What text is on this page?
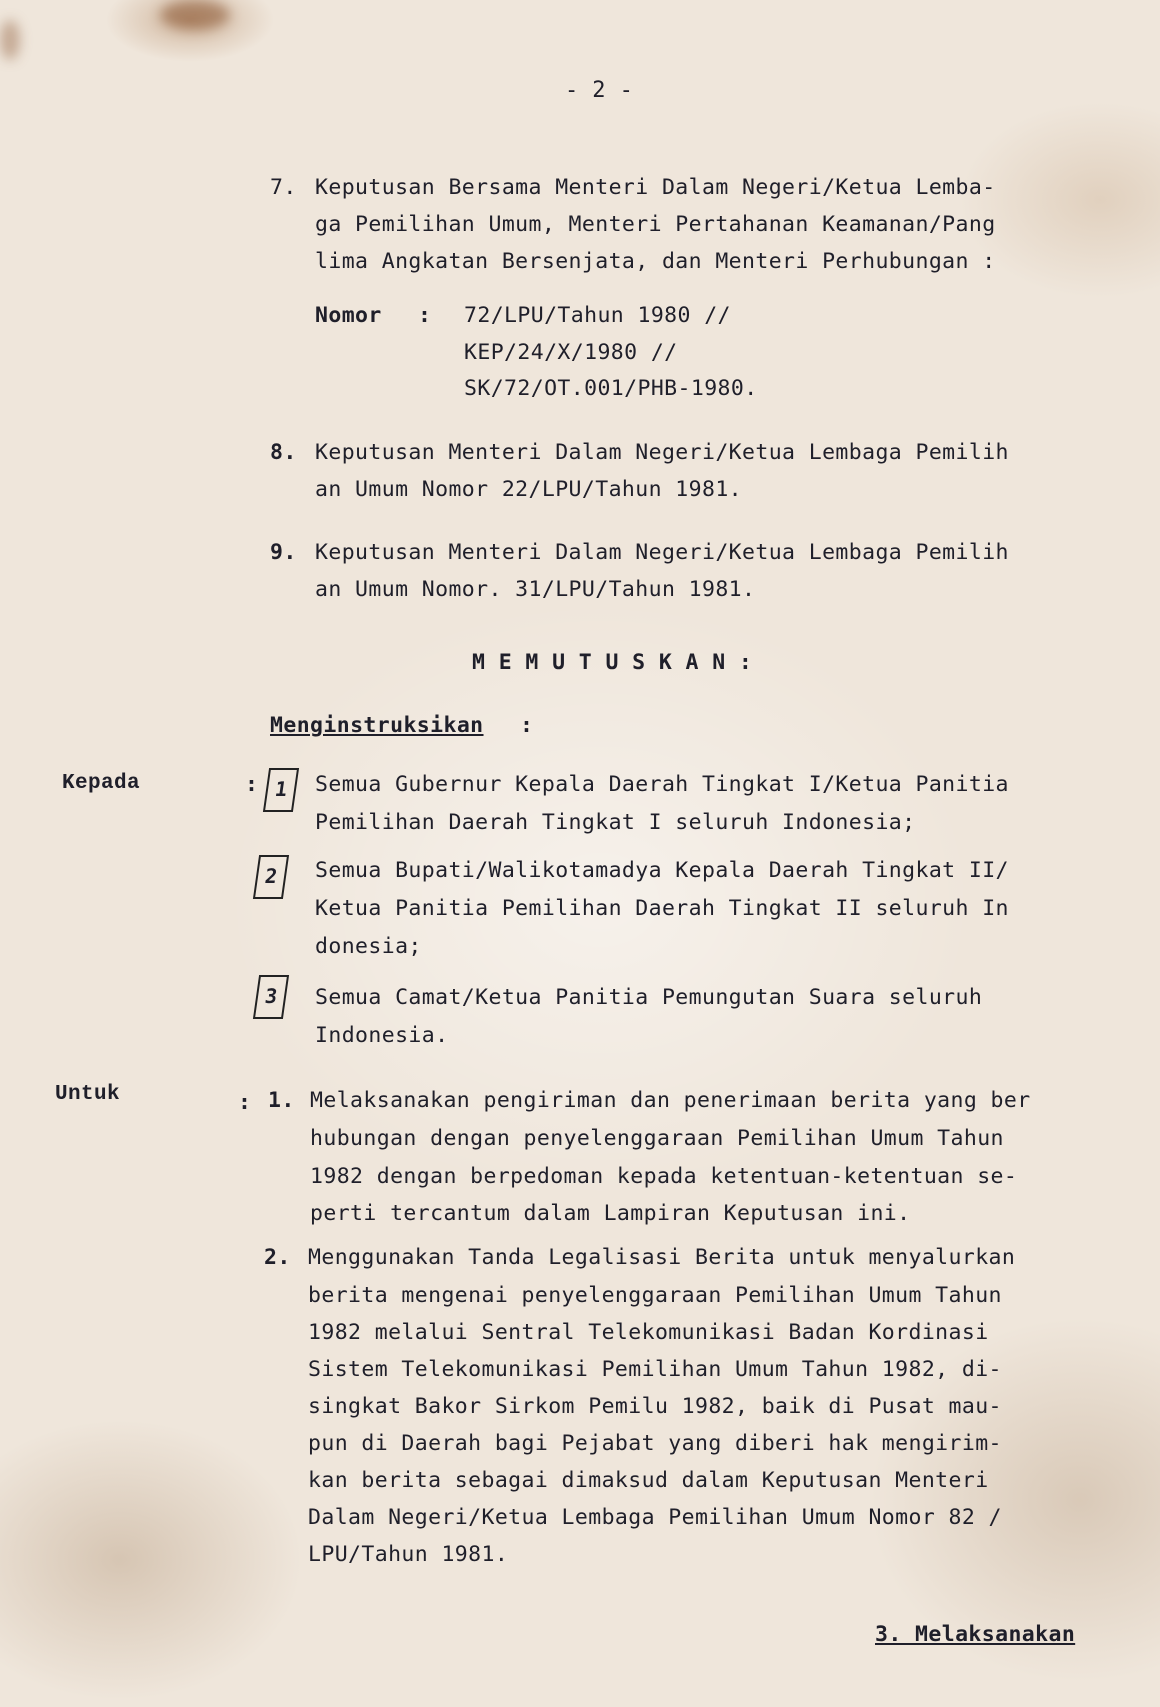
- 2 -
7. Keputusan Bersama Menteri Dalam Negeri/Ketua Lemba-
ga Pemilihan Umum, Menteri Pertahanan Keamanan/Pang
lima Angkatan Bersenjata, dan Menteri Perhubungan :
Nomor : 72/LPU/Tahun 1980 //
KEP/24/X/1980 //
SK/72/OT.001/PHB-1980.
8. Keputusan Menteri Dalam Negeri/Ketua Lembaga Pemilih
an Umum Nomor 22/LPU/Tahun 1981.
9. Keputusan Menteri Dalam Negeri/Ketua Lembaga Pemilih
an Umum Nomor. 31/LPU/Tahun 1981.
M E M U T U S K A N :
Menginstruksikan :
Kepada	: 1	Semua Gubernur Kepala Daerah Tingkat I/Ketua Panitia
Pemilihan Daerah Tingkat I seluruh Indonesia;
2	Semua Bupati/Walikotamadya Kepala Daerah Tingkat II/
Ketua Panitia Pemilihan Daerah Tingkat II seluruh In
donesia;
3	Semua Camat/Ketua Panitia Pemungutan Suara seluruh
Indonesia.
Untuk	: 1. Melaksanakan pengiriman dan penerimaan berita yang ber
hubungan dengan penyelenggaraan Pemilihan Umum Tahun
1982 dengan berpedoman kepada ketentuan-ketentuan se-
perti tercantum dalam Lampiran Keputusan ini.
2. Menggunakan Tanda Legalisasi Berita untuk menyalurkan
berita mengenai penyelenggaraan Pemilihan Umum Tahun
1982 melalui Sentral Telekomunikasi Badan Kordinasi
Sistem Telekomunikasi Pemilihan Umum Tahun 1982, di-
singkat Bakor Sirkom Pemilu 1982, baik di Pusat mau-
pun di Daerah bagi Pejabat yang diberi hak mengirim-
kan berita sebagai dimaksud dalam Keputusan Menteri
Dalam Negeri/Ketua Lembaga Pemilihan Umum Nomor 82 /
LPU/Tahun 1981.
3. Melaksanakan
